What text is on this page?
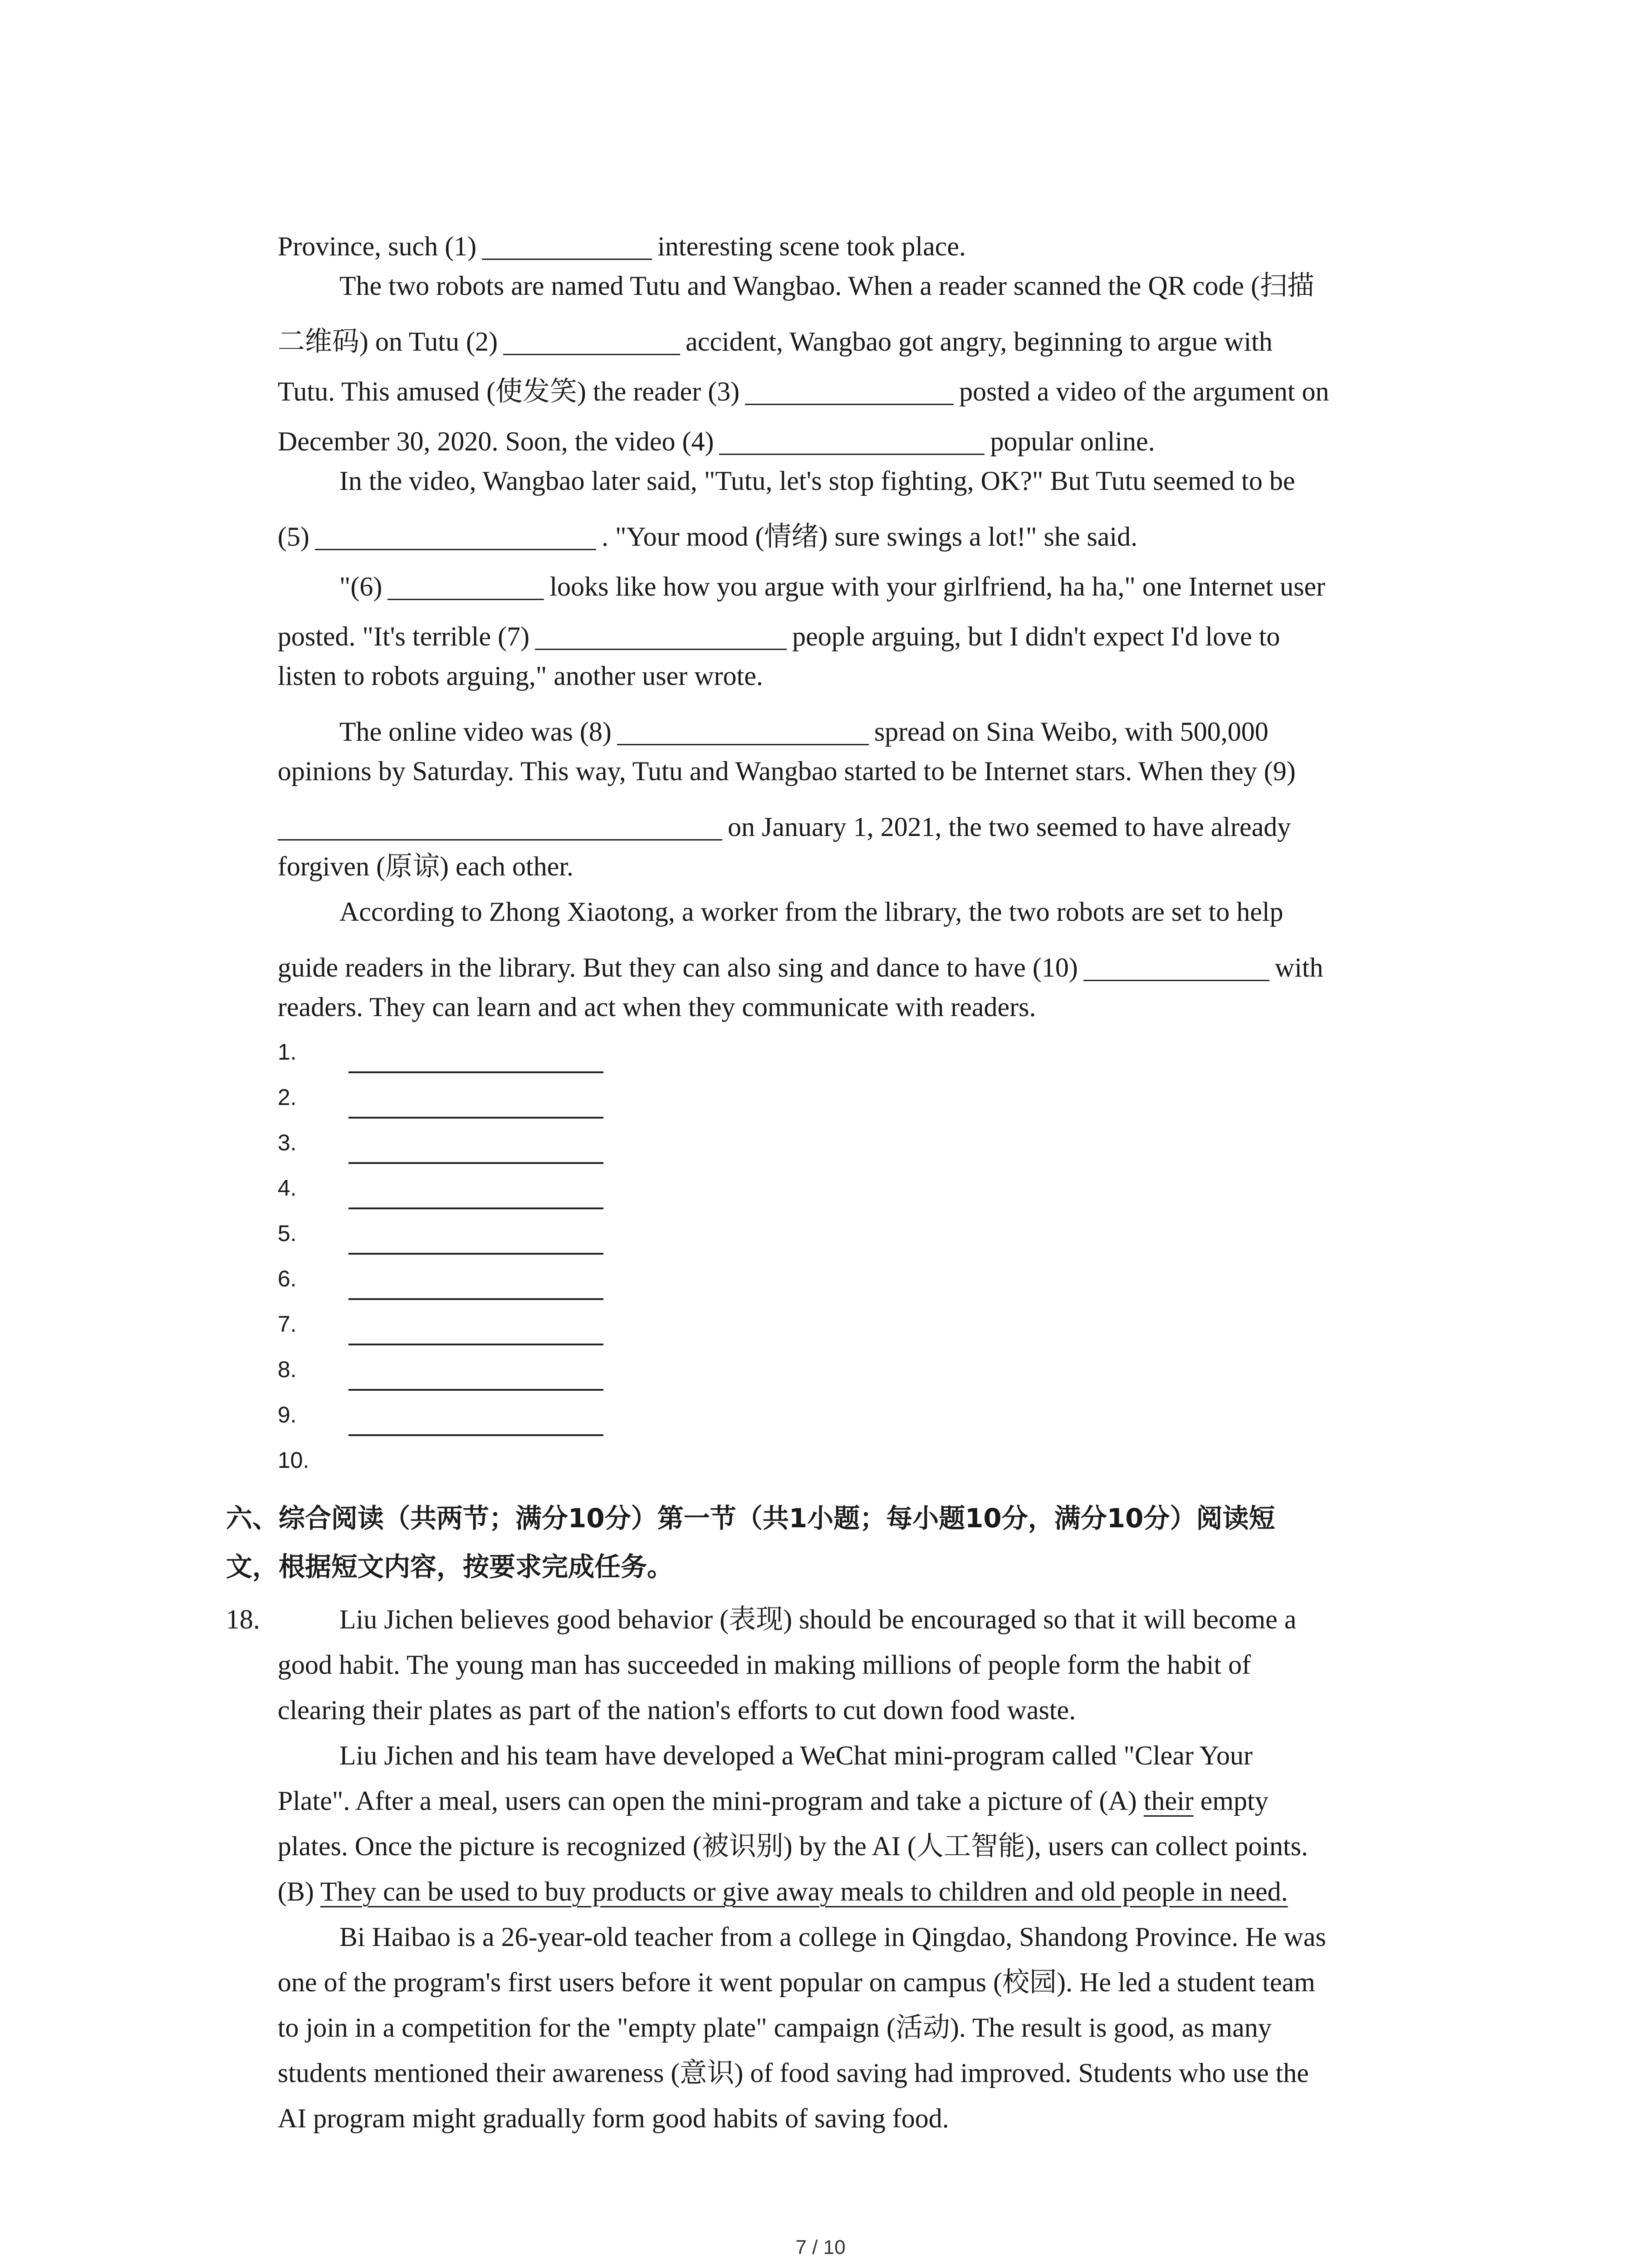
Province, such (1)	interesting scene took place.
The two robots are named Tutu and Wangbao. When a reader scanned the QR code (扫描
二维码) on Tutu (2)	accident, Wangbao got angry, beginning to argue with
Tutu. This amused (使发笑) the reader (3)	posted a video of the argument on
December 30, 2020. Soon, the video (4)	popular online.
In the video, Wangbao later said, "Tutu, let's stop fighting, OK?" But Tutu seemed to be
(5)	. "Your mood (情绪) sure swings a lot!" she said.
"(6)	looks like how you argue with your girlfriend, ha ha," one Internet user
posted. "It's terrible (7)	people arguing, but I didn't expect I'd love to
listen to robots arguing," another user wrote.
The online video was (8)	spread on Sina Weibo, with 500,000
opinions by Saturday. This way, Tutu and Wangbao started to be Internet stars. When they (9)
on January 1, 2021, the two seemed to have already
forgiven (原谅) each other.
According to Zhong Xiaotong, a worker from the library, the two robots are set to help
guide readers in the library. But they can also sing and dance to have (10)	with
readers. They can learn and act when they communicate with readers.
1.
2.
3.
4.
5.
6.
7.
8.
9.
10.
六、综合阅读（共两节；满分10分）第一节（共1小题；每小题10分，满分10分）阅读短
文，根据短文内容，按要求完成任务。
18.	Liu Jichen believes good behavior (表现) should be encouraged so that it will become a
good habit. The young man has succeeded in making millions of people form the habit of
clearing their plates as part of the nation's efforts to cut down food waste.
Liu Jichen and his team have developed a WeChat mini-program called "Clear Your
Plate". After a meal, users can open the mini-program and take a picture of (A) their empty
plates. Once the picture is recognized (被识别) by the AI (人工智能), users can collect points.
(B) They can be used to buy products or give away meals to children and old people in need.
Bi Haibao is a 26-year-old teacher from a college in Qingdao, Shandong Province. He was
one of the program's first users before it went popular on campus (校园). He led a student team
to join in a competition for the "empty plate" campaign (活动). The result is good, as many
students mentioned their awareness (意识) of food saving had improved. Students who use the
AI program might gradually form good habits of saving food.
7 / 10
